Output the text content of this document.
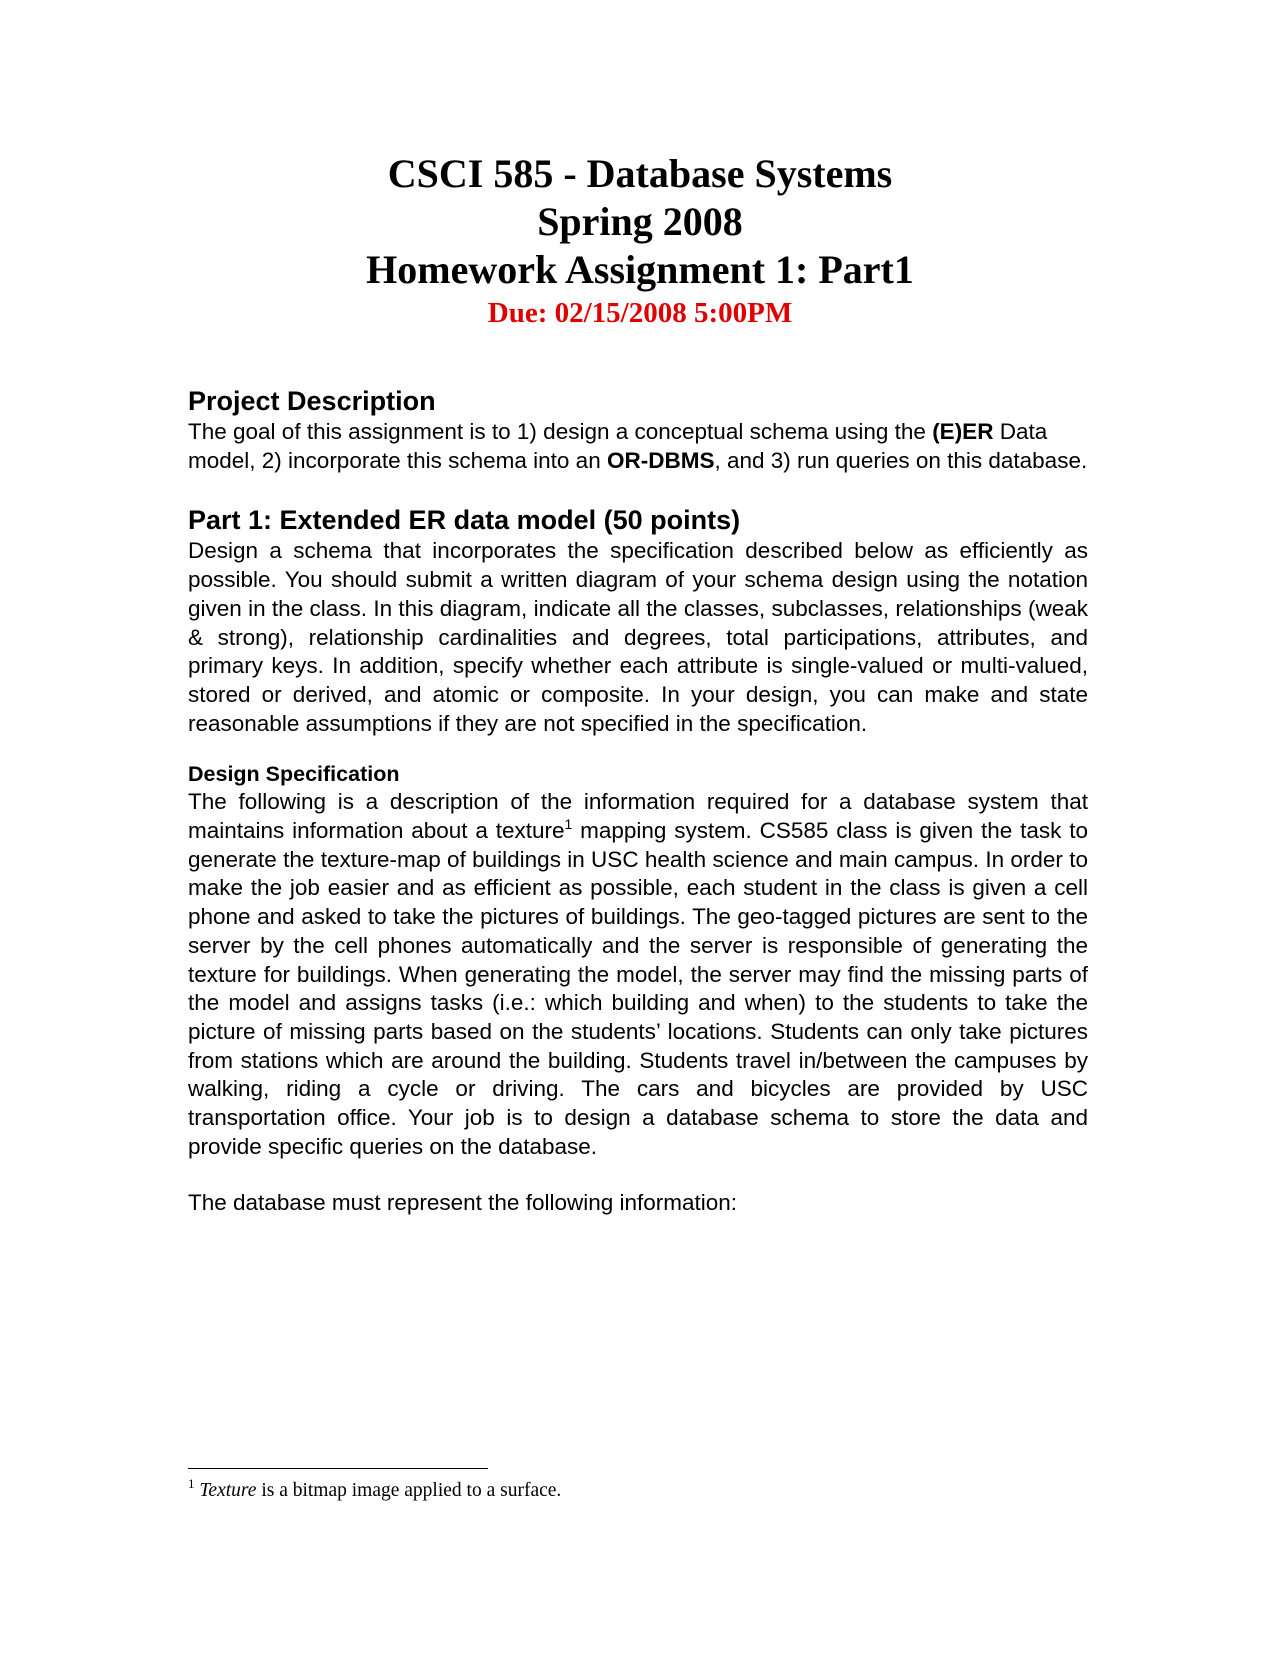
CSCI 585 - Database Systems

Spring 2008

Homework Assignment 1: Part1

Due: 02/15/2008 5:00PM

Project Description

The goal of this assignment is to 1) design a conceptual schema using the (E)ER Data model, 2) incorporate this schema into an OR-DBMS, and 3) run queries on this database.

Part 1: Extended ER data model (50 points)

Design a schema that incorporates the specification described below as efficiently as possible. You should submit a written diagram of your schema design using the notation given in the class. In this diagram, indicate all the classes, subclasses, relationships (weak & strong), relationship cardinalities and degrees, total participations, attributes, and primary keys. In addition, specify whether each attribute is single-valued or multi-valued, stored or derived, and atomic or composite. In your design, you can make and state reasonable assumptions if they are not specified in the specification.

Design Specification

The following is a description of the information required for a database system that maintains information about a texture$^1$ mapping system. CS585 class is given the task to generate the texture-map of buildings in USC health science and main campus. In order to make the job easier and as efficient as possible, each student in the class is given a cell phone and asked to take the pictures of buildings. The geo-tagged pictures are sent to the server by the cell phones automatically and the server is responsible of generating the texture for buildings. When generating the model, the server may find the missing parts of the model and assigns tasks (i.e.: which building and when) to the students to take the picture of missing parts based on the students’ locations. Students can only take pictures from stations which are around the building. Students travel in/between the campuses by walking, riding a cycle or driving. The cars and bicycles are provided by USC transportation office. Your job is to design a database schema to store the data and provide specific queries on the database.

The database must represent the following information:

$^1$ Texture is a bitmap image applied to a surface.
